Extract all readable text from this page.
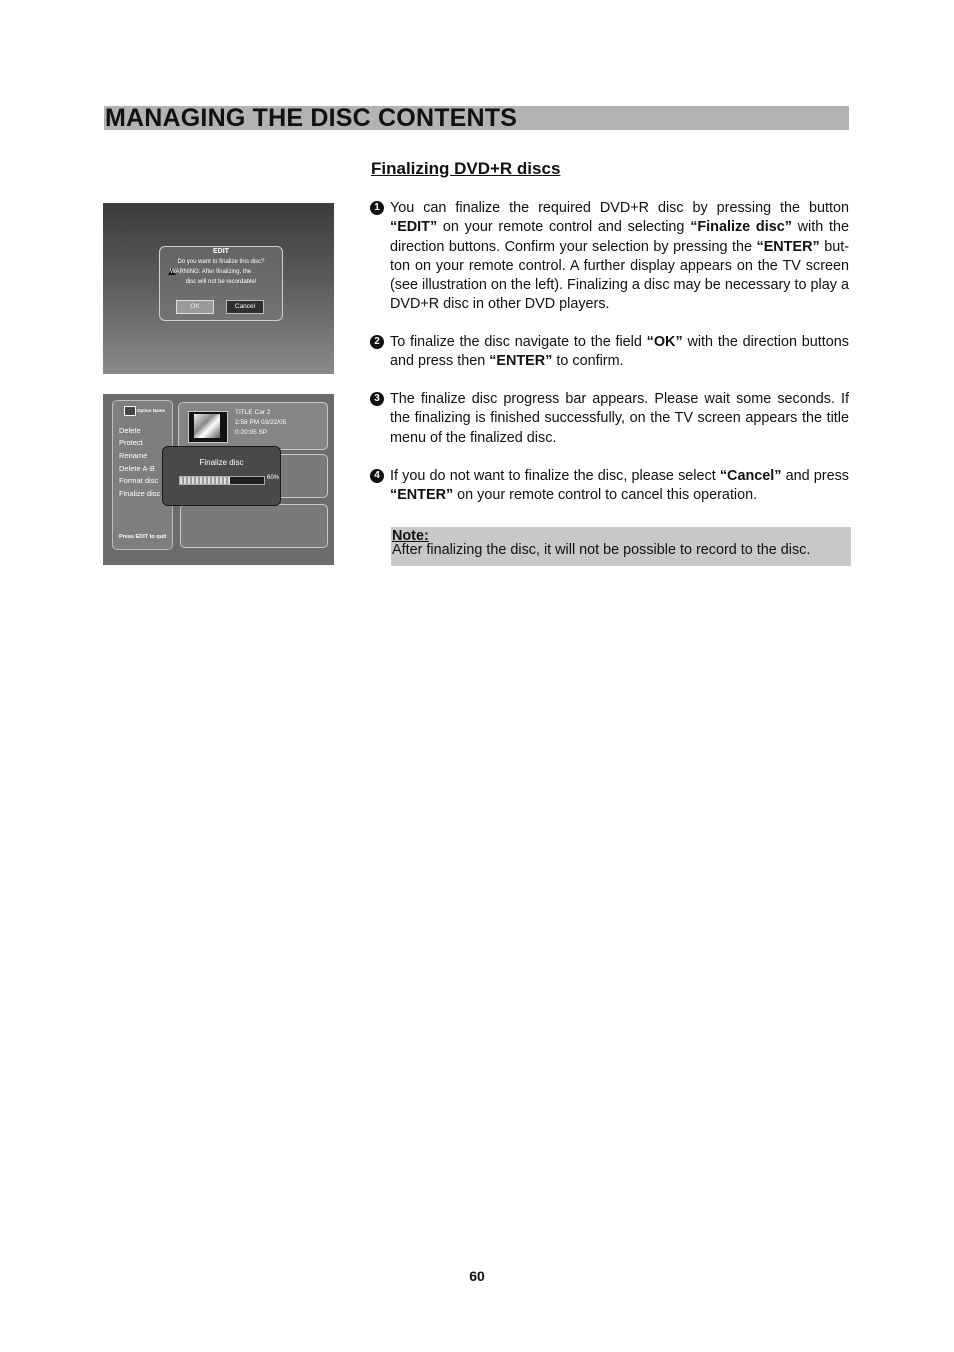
MANAGING THE DISC CONTENTS
EDIT
Do you want to finalize this disc?
WARNING: After finalizing, the
disc will not be recordable!
OK	Cancel
Option Name
Delete
Protect
Rename
Delete A-B
Format disc
Finalize disc
Press EDIT to quit
TITLE Car 2
2:58 PM 03/22/05
0:20:05 SP
Finalize disc
60%
Finalizing DVD+R discs
1 You can finalize the required DVD+R disc by pressing the button “EDIT” on your remote control and selecting “Finalize disc” with the direction buttons. Confirm your selection by pressing the “ENTER” but-ton on your remote control. A further display appears on the TV screen (see illustration on the left). Finalizing a disc may be necessary to play a DVD+R disc in other DVD players.
2 To finalize the disc navigate to the field “OK” with the direction buttons and press then “ENTER” to confirm.
3 The finalize disc progress bar appears. Please wait some seconds. If the finalizing is finished successfully, on the TV screen appears the title menu of the finalized disc.
4 If you do not want to finalize the disc, please select “Cancel” and press “ENTER” on your remote control to cancel this operation.
Note:
After finalizing the disc, it will not be possible to record to the disc.
60
